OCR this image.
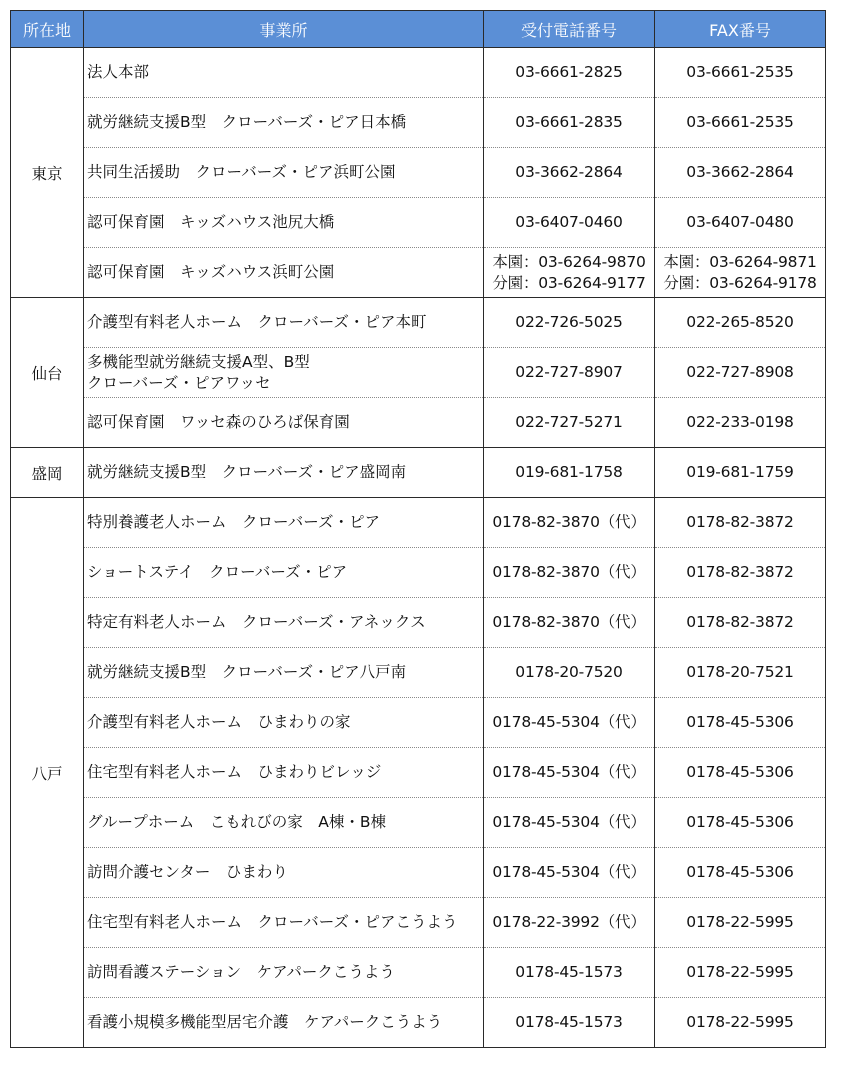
所在地	事業所	受付電話番号	FAX番号
東京	法人本部	03-6661-2825	03-6661-2535

	就労継続支援B型　クローバーズ・ピア日本橋	03-6661-2835	03-6661-2535

	共同生活援助　クローバーズ・ピア浜町公園	03-3662-2864	03-3662-2864

	認可保育園　キッズハウス池尻大橋	03-6407-0460	03-6407-0480

	認可保育園　キッズハウス浜町公園	本園：03-6264-9870
分園：03-6264-9177	本園：03-6264-9871
分園：03-6264-9178

仙台	介護型有料老人ホーム　クローバーズ・ピア本町	022-726-5025	022-265-8520

	多機能型就労継続支援A型、B型
クローバーズ・ピアワッセ	022-727-8907	022-727-8908

	認可保育園　ワッセ森のひろば保育園	022-727-5271	022-233-0198

盛岡	就労継続支援B型　クローバーズ・ピア盛岡南	019-681-1758	019-681-1759

八戸	特別養護老人ホーム　クローバーズ・ピア	0178-82-3870（代）	0178-82-3872

	ショートステイ　クローバーズ・ピア	0178-82-3870（代）	0178-82-3872

	特定有料老人ホーム　クローバーズ・アネックス	0178-82-3870（代）	0178-82-3872

	就労継続支援B型　クローバーズ・ピア八戸南	0178-20-7520	0178-20-7521

	介護型有料老人ホーム　ひまわりの家	0178-45-5304（代）	0178-45-5306

	住宅型有料老人ホーム　ひまわりビレッジ	0178-45-5304（代）	0178-45-5306

	グループホーム　こもれびの家　A棟・B棟	0178-45-5304（代）	0178-45-5306

	訪問介護センター　ひまわり	0178-45-5304（代）	0178-45-5306

	住宅型有料老人ホーム　クローバーズ・ピアこうよう	0178-22-3992（代）	0178-22-5995

	訪問看護ステーション　ケアパークこうよう	0178-45-1573	0178-22-5995

	看護小規模多機能型居宅介護　ケアパークこうよう	0178-45-1573	0178-22-5995
